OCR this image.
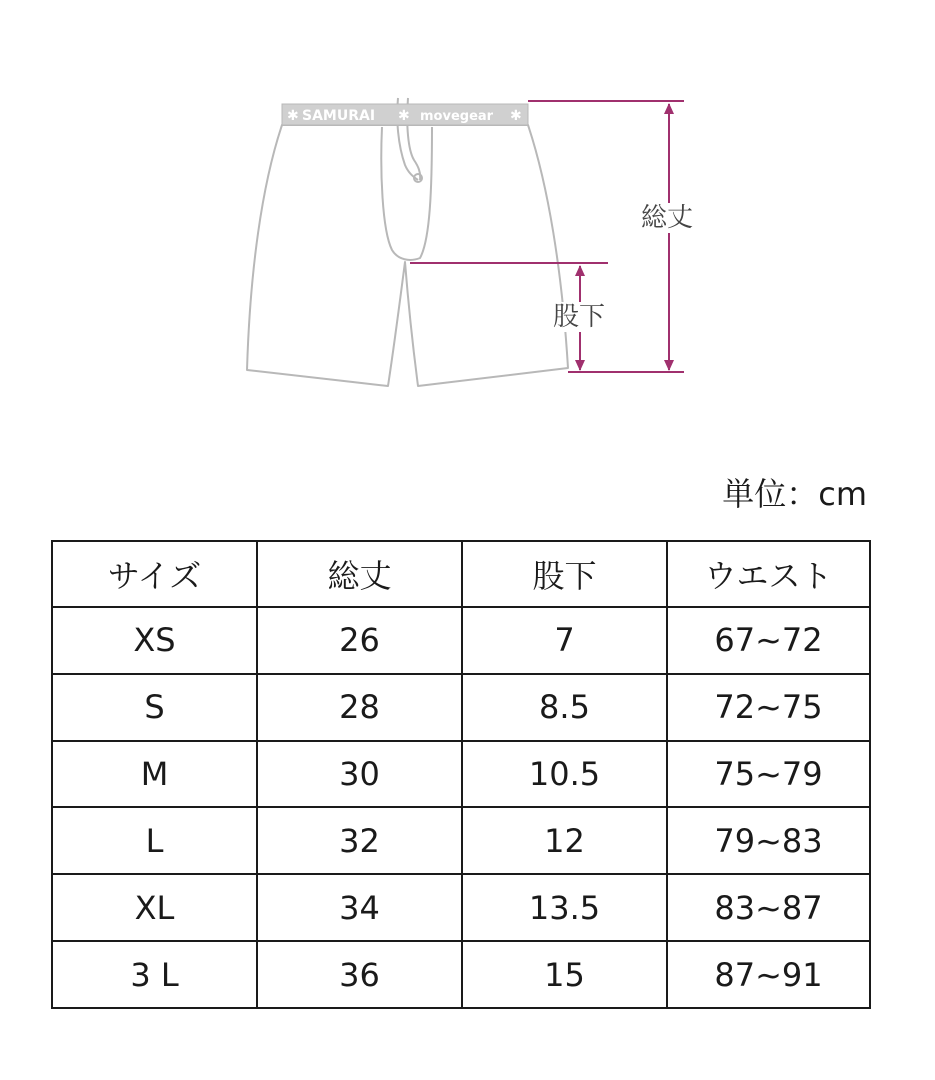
✱ SAMURAI ✱ movegear ✱
総丈
股下
単位：cm
サイズ	総丈	股下	ウエスト
XS	26	7	67~72
S	28	8.5	72~75
M	30	10.5	75~79
L	32	12	79~83
XL	34	13.5	83~87
3 L	36	15	87~91
